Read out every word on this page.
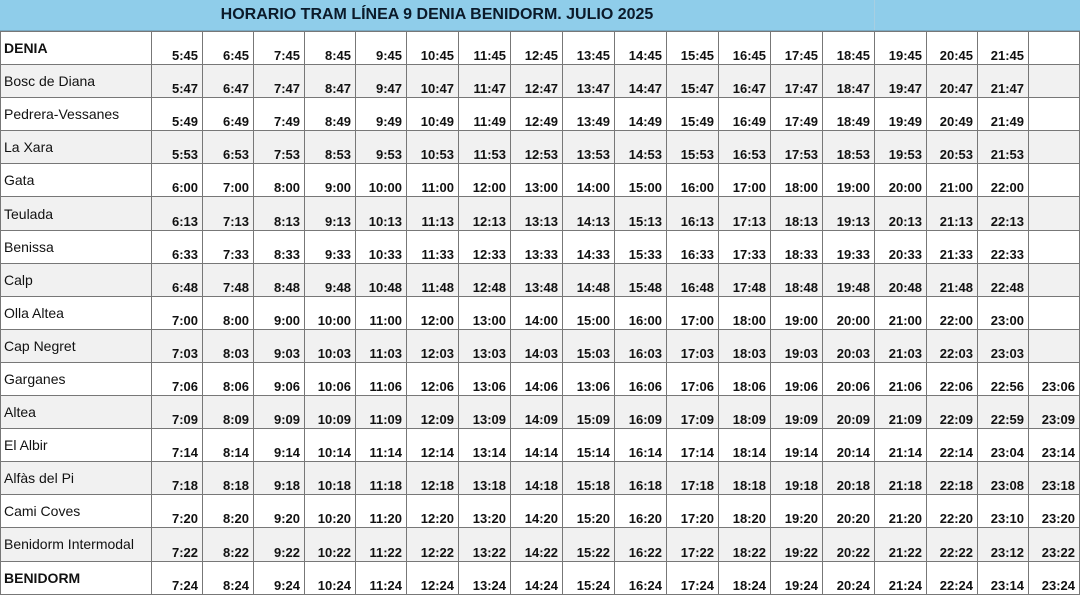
HORARIO TRAM LÍNEA 9 DENIA BENIDORM. JULIO 2025
DENIA	5:45	6:45	7:45	8:45	9:45	10:45	11:45	12:45	13:45	14:45	15:45	16:45	17:45	18:45	19:45	20:45	21:45	
Bosc de Diana	5:47	6:47	7:47	8:47	9:47	10:47	11:47	12:47	13:47	14:47	15:47	16:47	17:47	18:47	19:47	20:47	21:47	
Pedrera-Vessanes	5:49	6:49	7:49	8:49	9:49	10:49	11:49	12:49	13:49	14:49	15:49	16:49	17:49	18:49	19:49	20:49	21:49	
La Xara	5:53	6:53	7:53	8:53	9:53	10:53	11:53	12:53	13:53	14:53	15:53	16:53	17:53	18:53	19:53	20:53	21:53	
Gata	6:00	7:00	8:00	9:00	10:00	11:00	12:00	13:00	14:00	15:00	16:00	17:00	18:00	19:00	20:00	21:00	22:00	
Teulada	6:13	7:13	8:13	9:13	10:13	11:13	12:13	13:13	14:13	15:13	16:13	17:13	18:13	19:13	20:13	21:13	22:13	
Benissa	6:33	7:33	8:33	9:33	10:33	11:33	12:33	13:33	14:33	15:33	16:33	17:33	18:33	19:33	20:33	21:33	22:33	
Calp	6:48	7:48	8:48	9:48	10:48	11:48	12:48	13:48	14:48	15:48	16:48	17:48	18:48	19:48	20:48	21:48	22:48	
Olla Altea	7:00	8:00	9:00	10:00	11:00	12:00	13:00	14:00	15:00	16:00	17:00	18:00	19:00	20:00	21:00	22:00	23:00	
Cap Negret	7:03	8:03	9:03	10:03	11:03	12:03	13:03	14:03	15:03	16:03	17:03	18:03	19:03	20:03	21:03	22:03	23:03	
Garganes	7:06	8:06	9:06	10:06	11:06	12:06	13:06	14:06	13:06	16:06	17:06	18:06	19:06	20:06	21:06	22:06	22:56	23:06
Altea	7:09	8:09	9:09	10:09	11:09	12:09	13:09	14:09	15:09	16:09	17:09	18:09	19:09	20:09	21:09	22:09	22:59	23:09
El Albir	7:14	8:14	9:14	10:14	11:14	12:14	13:14	14:14	15:14	16:14	17:14	18:14	19:14	20:14	21:14	22:14	23:04	23:14
Alfàs del Pi	7:18	8:18	9:18	10:18	11:18	12:18	13:18	14:18	15:18	16:18	17:18	18:18	19:18	20:18	21:18	22:18	23:08	23:18
Cami Coves	7:20	8:20	9:20	10:20	11:20	12:20	13:20	14:20	15:20	16:20	17:20	18:20	19:20	20:20	21:20	22:20	23:10	23:20
Benidorm Intermodal	7:22	8:22	9:22	10:22	11:22	12:22	13:22	14:22	15:22	16:22	17:22	18:22	19:22	20:22	21:22	22:22	23:12	23:22
BENIDORM	7:24	8:24	9:24	10:24	11:24	12:24	13:24	14:24	15:24	16:24	17:24	18:24	19:24	20:24	21:24	22:24	23:14	23:24
